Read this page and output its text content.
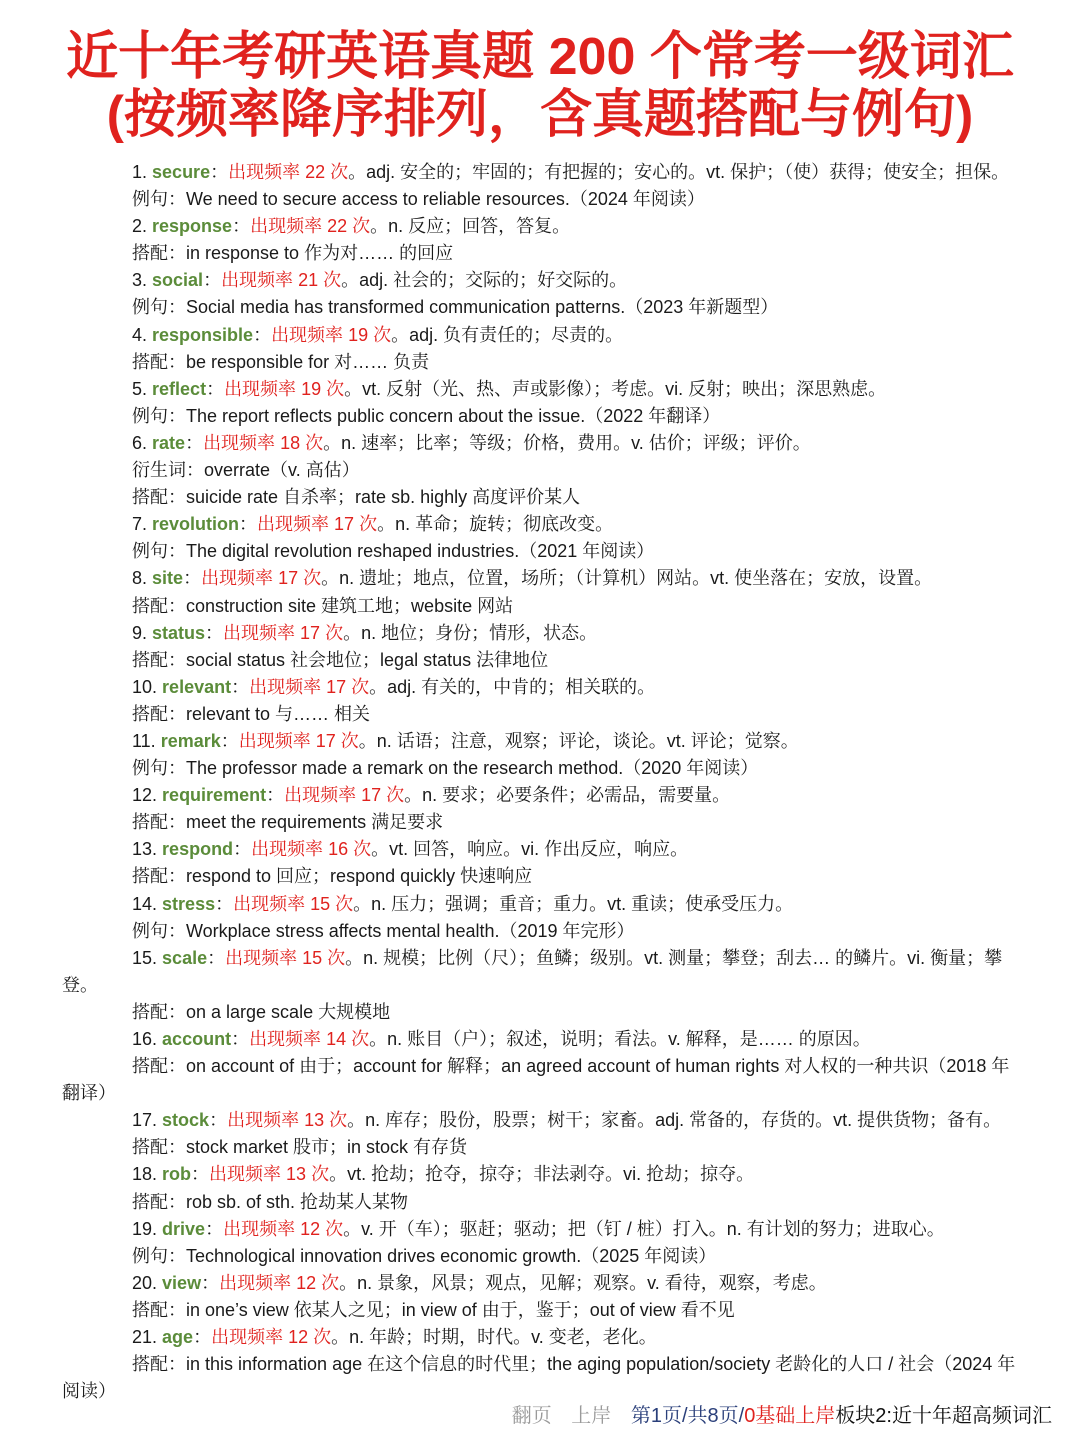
近十年考研英语真题 200 个常考一级词汇
(按频率降序排列，含真题搭配与例句)

1. secure：出现频率 22 次。adj. 安全的；牢固的；有把握的；安心的。vt. 保护；（使）获得；使安全；担保。

例句：We need to secure access to reliable resources.（2024 年阅读）

2. response：出现频率 22 次。n. 反应；回答，答复。

搭配：in response to 作为对…… 的回应

3. social：出现频率 21 次。adj. 社会的；交际的；好交际的。

例句：Social media has transformed communication patterns.（2023 年新题型）

4. responsible：出现频率 19 次。adj. 负有责任的；尽责的。

搭配：be responsible for 对…… 负责

5. reflect：出现频率 19 次。vt. 反射（光、热、声或影像）；考虑。vi. 反射；映出；深思熟虑。

例句：The report reflects public concern about the issue.（2022 年翻译）

6. rate：出现频率 18 次。n. 速率；比率；等级；价格，费用。v. 估价；评级；评价。

衍生词：overrate（v. 高估）

搭配：suicide rate 自杀率；rate sb. highly 高度评价某人

7. revolution：出现频率 17 次。n. 革命；旋转；彻底改变。

例句：The digital revolution reshaped industries.（2021 年阅读）

8. site：出现频率 17 次。n. 遗址；地点，位置，场所；（计算机）网站。vt. 使坐落在；安放，设置。

搭配：construction site 建筑工地；website 网站

9. status：出现频率 17 次。n. 地位；身份；情形，状态。

搭配：social status 社会地位；legal status 法律地位

10. relevant：出现频率 17 次。adj. 有关的，中肯的；相关联的。

搭配：relevant to 与…… 相关

11. remark：出现频率 17 次。n. 话语；注意，观察；评论，谈论。vt. 评论；觉察。

例句：The professor made a remark on the research method.（2020 年阅读）

12. requirement：出现频率 17 次。n. 要求；必要条件；必需品，需要量。

搭配：meet the requirements 满足要求

13. respond：出现频率 16 次。vt. 回答，响应。vi. 作出反应，响应。

搭配：respond to 回应；respond quickly 快速响应

14. stress：出现频率 15 次。n. 压力；强调；重音；重力。vt. 重读；使承受压力。

例句：Workplace stress affects mental health.（2019 年完形）

15. scale：出现频率 15 次。n. 规模；比例（尺）；鱼鳞；级别。vt. 测量；攀登；刮去… 的鳞片。vi. 衡量；攀登。

搭配：on a large scale 大规模地

16. account：出现频率 14 次。n. 账目（户）；叙述，说明；看法。v. 解释，是…… 的原因。

搭配：on account of 由于；account for 解释；an agreed account of human rights 对人权的一种共识（2018 年翻译）

17. stock：出现频率 13 次。n. 库存；股份，股票；树干；家畜。adj. 常备的，存货的。vt. 提供货物；备有。

搭配：stock market 股市；in stock 有存货

18. rob：出现频率 13 次。vt. 抢劫；抢夺，掠夺；非法剥夺。vi. 抢劫；掠夺。

搭配：rob sb. of sth. 抢劫某人某物

19. drive：出现频率 12 次。v. 开（车）；驱赶；驱动；把（钉 / 桩）打入。n. 有计划的努力；进取心。

例句：Technological innovation drives economic growth.（2025 年阅读）

20. view：出现频率 12 次。n. 景象，风景；观点，见解；观察。v. 看待，观察，考虑。

搭配：in one’s view 依某人之见；in view of 由于，鉴于；out of view 看不见

21. age：出现频率 12 次。n. 年龄；时期，时代。v. 变老，老化。

搭配：in this information age 在这个信息的时代里；the aging population/society 老龄化的人口 / 社会（2024 年阅读）

翻页 上岸 第1页/共8页/0基础上岸板块2:近十年超高频词汇
